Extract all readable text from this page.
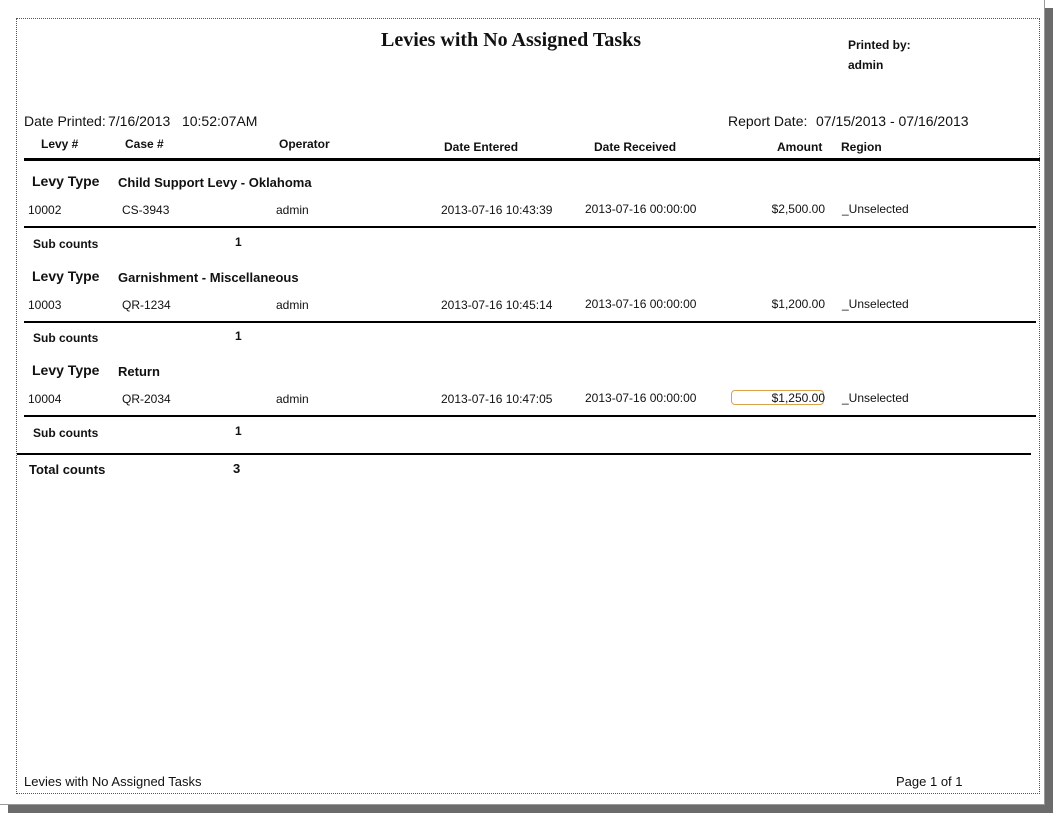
Levies with No Assigned Tasks	Printed by:
admin
Date Printed: 7/16/2013   10:52:07AM	Report Date: 07/15/2013 - 07/16/2013
Levy #	Case #	Operator	Date Entered	Date Received	Amount Region
Levy Type Child Support Levy - Oklahoma
10002	CS-3943	admin	2013-07-16 10:43:39	2013-07-16 00:00:00	$2,500.00 _Unselected
Sub counts	1
Levy Type Garnishment - Miscellaneous
10003	QR-1234	admin	2013-07-16 10:45:14	2013-07-16 00:00:00	$1,200.00 _Unselected
Sub counts	1
Levy Type Return
10004	QR-2034	admin	2013-07-16 10:47:05	2013-07-16 00:00:00	$1,250.00 _Unselected
Sub counts	1
Total counts	3
Levies with No Assigned Tasks	Page 1 of 1
